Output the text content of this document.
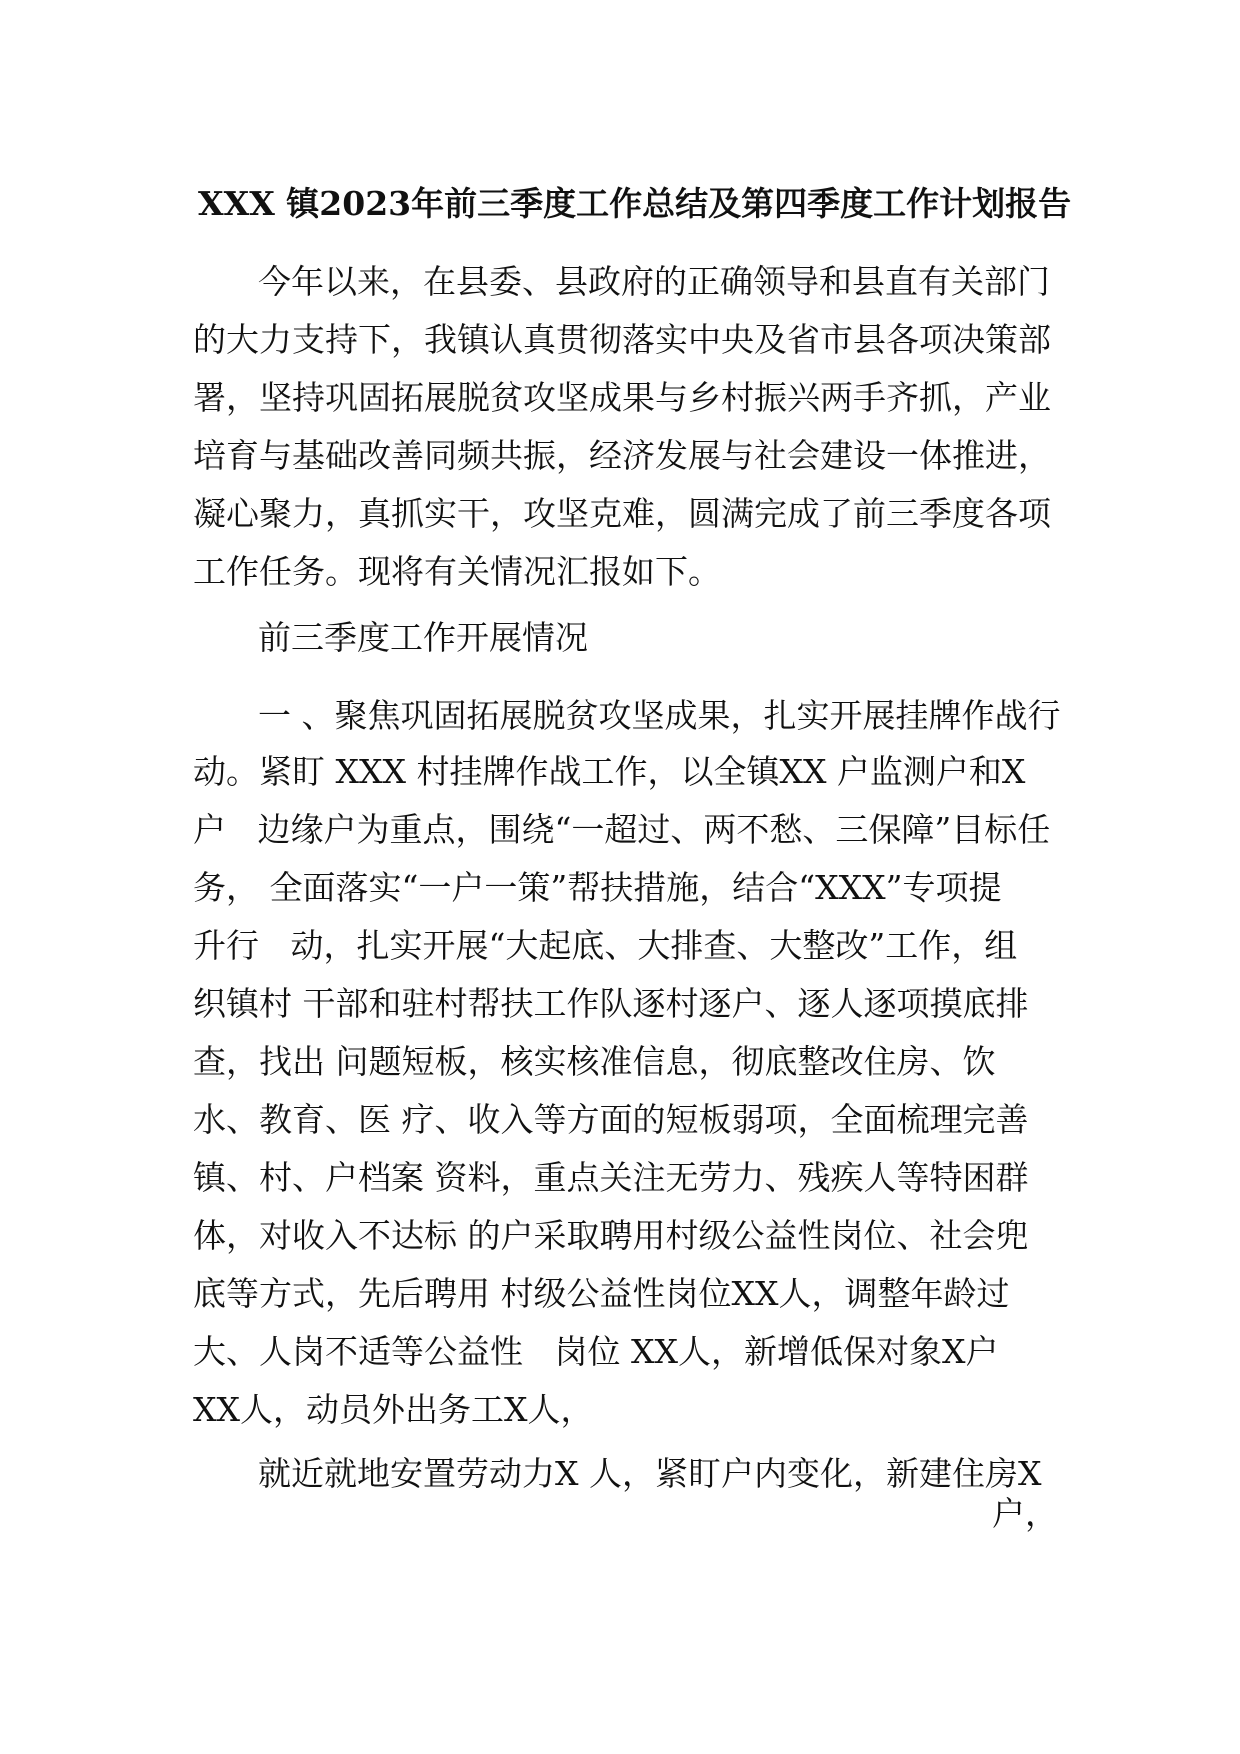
XXX 镇2023年前三季度工作总结及第四季度工作计划报告
今年以来，在县委、县政府的正确领导和县直有关部门
的大力支持下，我镇认真贯彻落实中央及省市县各项决策部
署，坚持巩固拓展脱贫攻坚成果与乡村振兴两手齐抓，产业
培育与基础改善同频共振，经济发展与社会建设一体推进，
凝心聚力，真抓实干，攻坚克难，圆满完成了前三季度各项
工作任务。现将有关情况汇报如下。
前三季度工作开展情况
一 、聚焦巩固拓展脱贫攻坚成果，扎实开展挂牌作战行
动。紧盯 XXX 村挂牌作战工作，以全镇XX 户监测户和X
户   边缘户为重点，围绕“一超过、两不愁、三保障”目标任
务， 全面落实“一户一策”帮扶措施，结合“XXX”专项提
升行   动，扎实开展“大起底、大排查、大整改”工作，组
织镇村 干部和驻村帮扶工作队逐村逐户、逐人逐项摸底排
查，找出 问题短板，核实核准信息，彻底整改住房、饮
水、教育、医 疗、收入等方面的短板弱项，全面梳理完善
镇、村、户档案 资料，重点关注无劳力、残疾人等特困群
体，对收入不达标 的户采取聘用村级公益性岗位、社会兜
底等方式，先后聘用 村级公益性岗位XX人，调整年龄过
大、人岗不适等公益性   岗位 XX人，新增低保对象X户
XX人，动员外出务工X人，
就近就地安置劳动力X 人，紧盯户内变化，新建住房X
户，
